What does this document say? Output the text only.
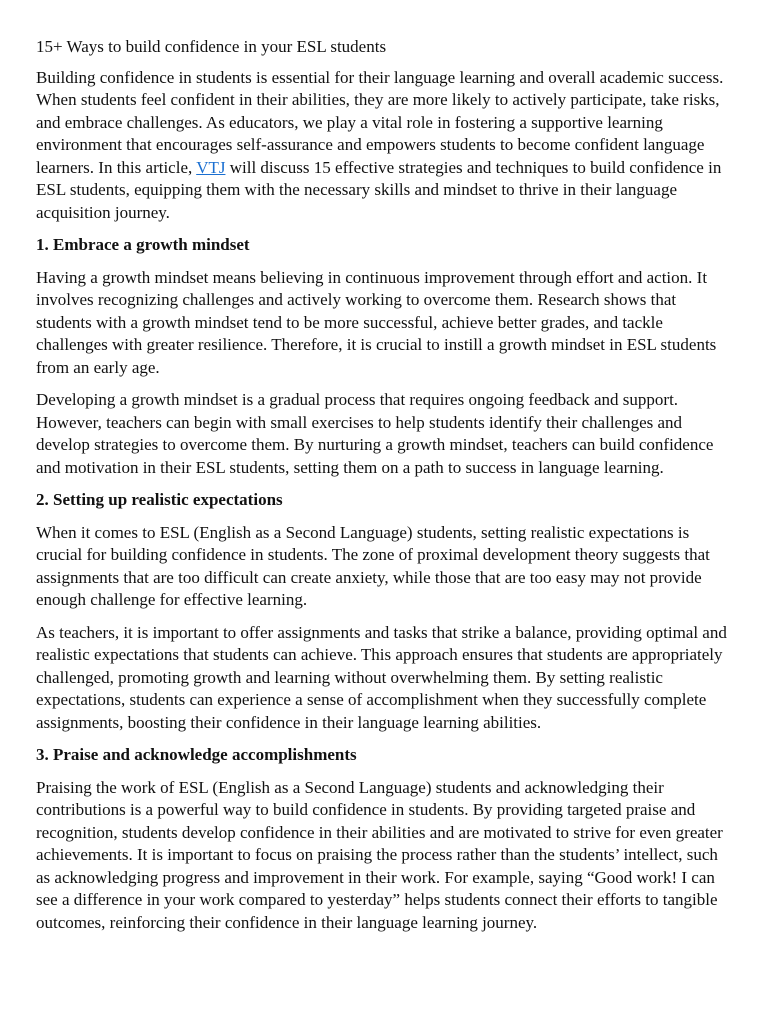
15+ Ways to build confidence in your ESL students

Building confidence in students is essential for their language learning and overall academic success. When students feel confident in their abilities, they are more likely to actively participate, take risks, and embrace challenges. As educators, we play a vital role in fostering a supportive learning environment that encourages self-assurance and empowers students to become confident language learners. In this article, VTJ will discuss 15 effective strategies and techniques to build confidence in ESL students, equipping them with the necessary skills and mindset to thrive in their language acquisition journey.

1. Embrace a growth mindset

Having a growth mindset means believing in continuous improvement through effort and action. It involves recognizing challenges and actively working to overcome them. Research shows that students with a growth mindset tend to be more successful, achieve better grades, and tackle challenges with greater resilience. Therefore, it is crucial to instill a growth mindset in ESL students from an early age.

Developing a growth mindset is a gradual process that requires ongoing feedback and support. However, teachers can begin with small exercises to help students identify their challenges and develop strategies to overcome them. By nurturing a growth mindset, teachers can build confidence and motivation in their ESL students, setting them on a path to success in language learning.

2. Setting up realistic expectations

When it comes to ESL (English as a Second Language) students, setting realistic expectations is crucial for building confidence in students. The zone of proximal development theory suggests that assignments that are too difficult can create anxiety, while those that are too easy may not provide enough challenge for effective learning.

As teachers, it is important to offer assignments and tasks that strike a balance, providing optimal and realistic expectations that students can achieve. This approach ensures that students are appropriately challenged, promoting growth and learning without overwhelming them. By setting realistic expectations, students can experience a sense of accomplishment when they successfully complete assignments, boosting their confidence in their language learning abilities.

3. Praise and acknowledge accomplishments

Praising the work of ESL (English as a Second Language) students and acknowledging their contributions is a powerful way to build confidence in students. By providing targeted praise and recognition, students develop confidence in their abilities and are motivated to strive for even greater achievements. It is important to focus on praising the process rather than the students’ intellect, such as acknowledging progress and improvement in their work. For example, saying “Good work! I can see a difference in your work compared to yesterday” helps students connect their efforts to tangible outcomes, reinforcing their confidence in their language learning journey.
